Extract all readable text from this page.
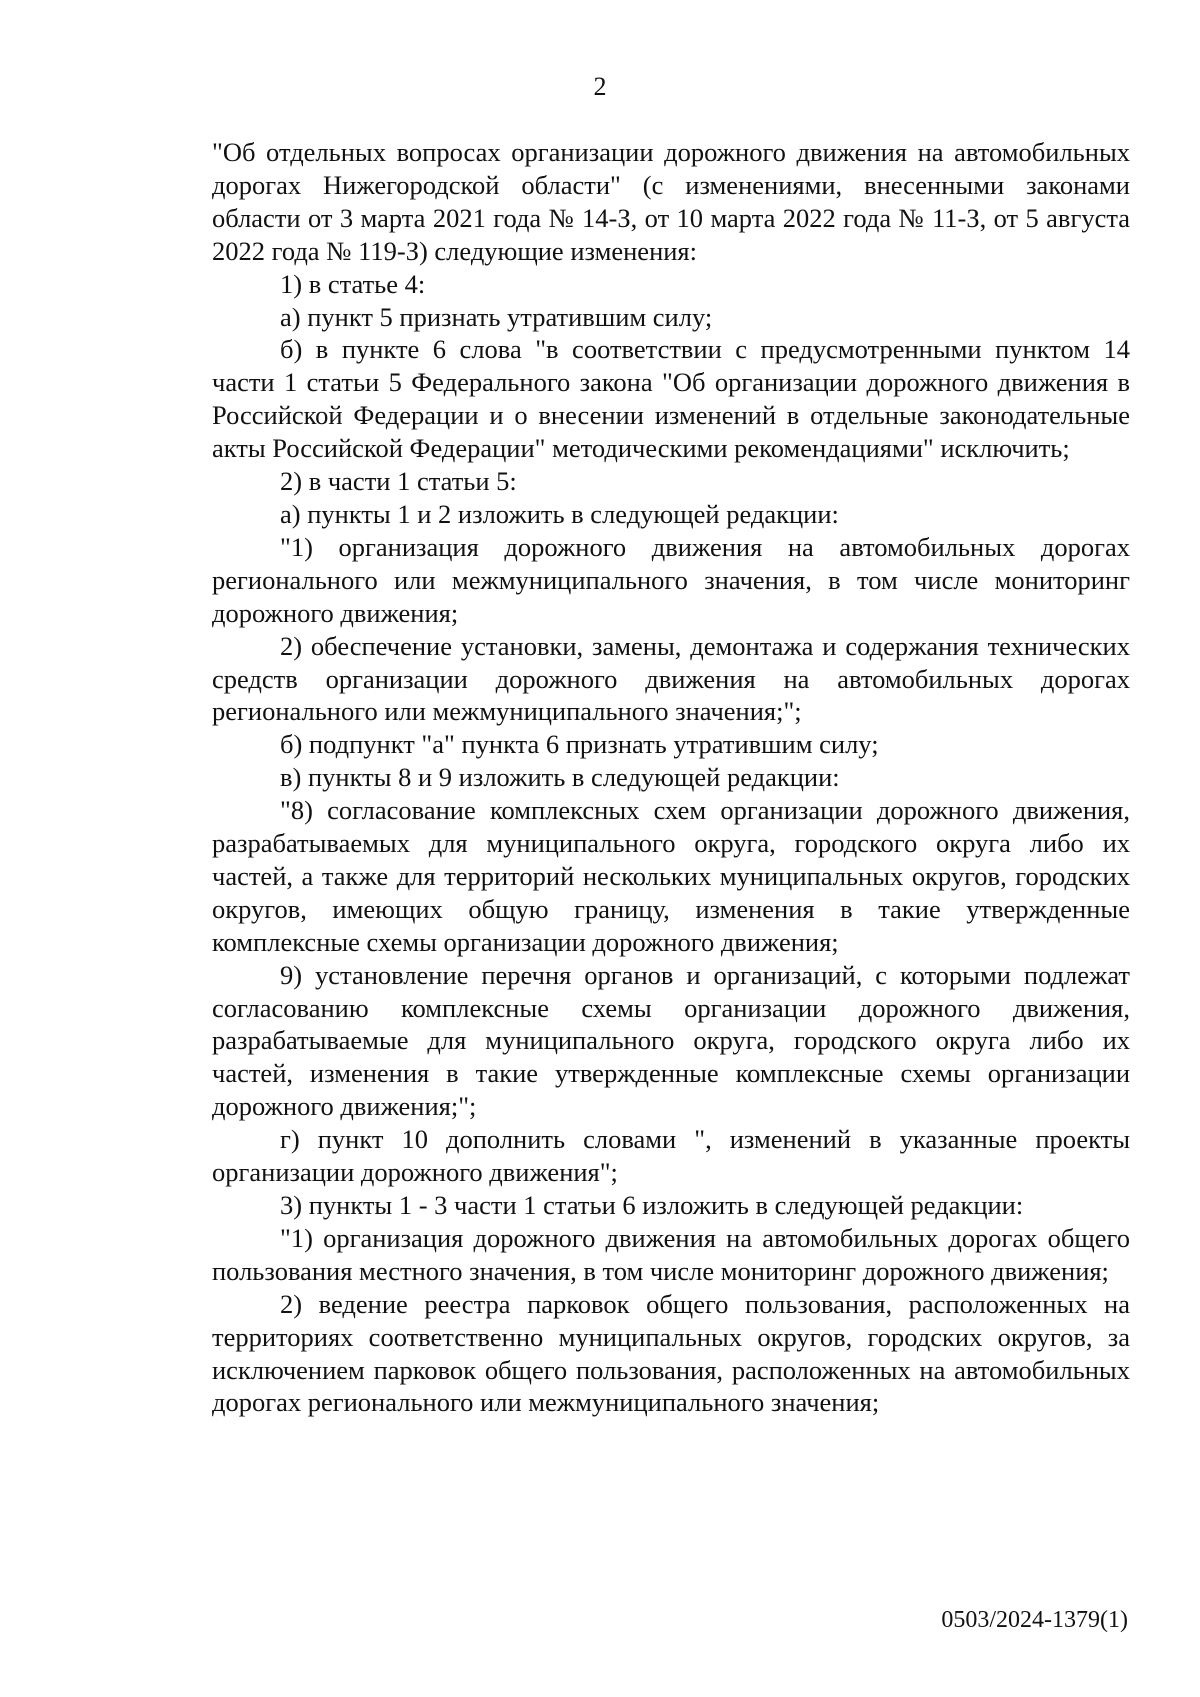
2

"Об отдельных вопросах организации дорожного движения на автомобильных дорогах Нижегородской области" (с изменениями, внесенными законами области от 3 марта 2021 года № 14-З, от 10 марта 2022 года № 11-З, от 5 августа 2022 года № 119-З) следующие изменения:

1) в статье 4:

а) пункт 5 признать утратившим силу;

б) в пункте 6 слова "в соответствии с предусмотренными пунктом 14 части 1 статьи 5 Федерального закона "Об организации дорожного движения в Российской Федерации и о внесении изменений в отдельные законодательные акты Российской Федерации" методическими рекомендациями" исключить;

2) в части 1 статьи 5:

а) пункты 1 и 2 изложить в следующей редакции:

"1) организация дорожного движения на автомобильных дорогах регионального или межмуниципального значения, в том числе мониторинг дорожного движения;

2) обеспечение установки, замены, демонтажа и содержания технических средств организации дорожного движения на автомобильных дорогах регионального или межмуниципального значения;";

б) подпункт "а" пункта 6 признать утратившим силу;

в) пункты 8 и 9 изложить в следующей редакции:

"8) согласование комплексных схем организации дорожного движения, разрабатываемых для муниципального округа, городского округа либо их частей, а также для территорий нескольких муниципальных округов, городских округов, имеющих общую границу, изменения в такие утвержденные комплексные схемы организации дорожного движения;

9) установление перечня органов и организаций, с которыми подлежат согласованию комплексные схемы организации дорожного движения, разрабатываемые для муниципального округа, городского округа либо их частей, изменения в такие утвержденные комплексные схемы организации дорожного движения;";

г) пункт 10 дополнить словами ", изменений в указанные проекты организации дорожного движения";

3) пункты 1 - 3 части 1 статьи 6 изложить в следующей редакции:

"1) организация дорожного движения на автомобильных дорогах общего пользования местного значения, в том числе мониторинг дорожного движения;

2) ведение реестра парковок общего пользования, расположенных на территориях соответственно муниципальных округов, городских округов, за исключением парковок общего пользования, расположенных на автомобильных дорогах регионального или межмуниципального значения;

0503/2024-1379(1)
